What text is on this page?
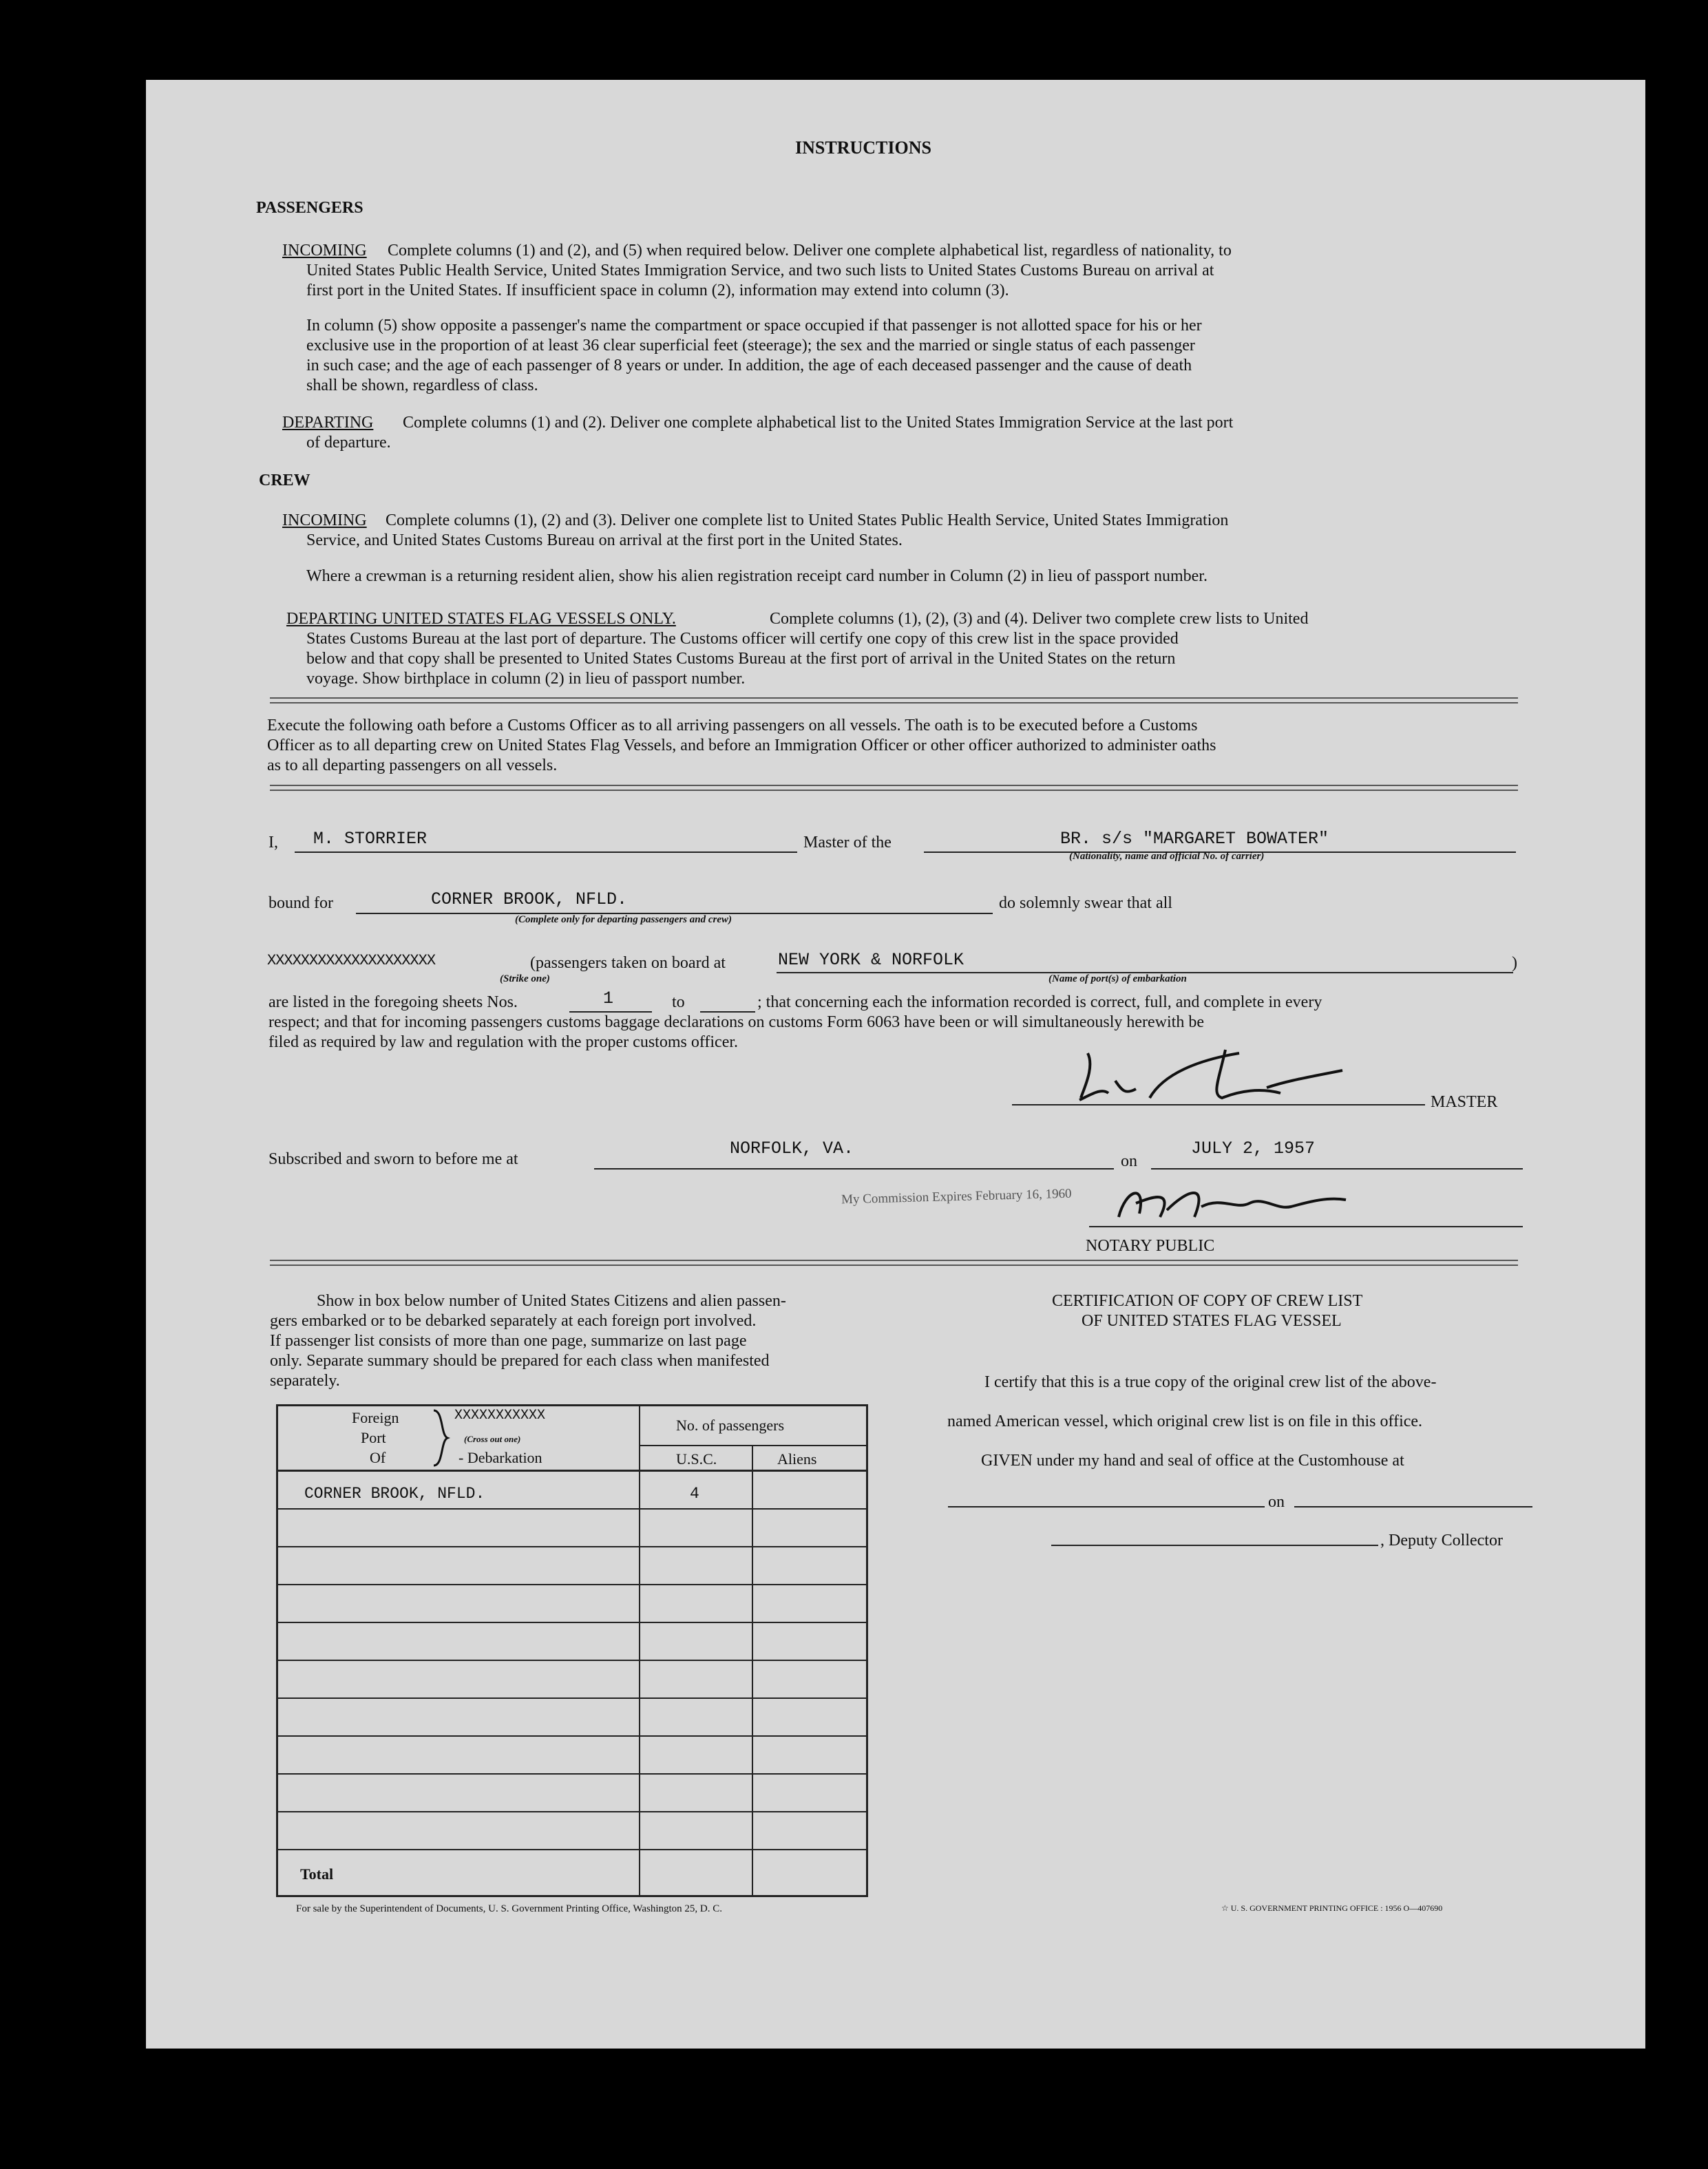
INSTRUCTIONS
PASSENGERS
INCOMING Complete columns (1) and (2), and (5) when required below. Deliver one complete alphabetical list, regardless of nationality, to
United States Public Health Service, United States Immigration Service, and two such lists to United States Customs Bureau on arrival at
first port in the United States. If insufficient space in column (2), information may extend into column (3).
In column (5) show opposite a passenger's name the compartment or space occupied if that passenger is not allotted space for his or her
exclusive use in the proportion of at least 36 clear superficial feet (steerage); the sex and the married or single status of each passenger
in such case; and the age of each passenger of 8 years or under. In addition, the age of each deceased passenger and the cause of death
shall be shown, regardless of class.
DEPARTING Complete columns (1) and (2). Deliver one complete alphabetical list to the United States Immigration Service at the last port
of departure.
CREW
INCOMING Complete columns (1), (2) and (3). Deliver one complete list to United States Public Health Service, United States Immigration
Service, and United States Customs Bureau on arrival at the first port in the United States.
Where a crewman is a returning resident alien, show his alien registration receipt card number in Column (2) in lieu of passport number.
DEPARTING UNITED STATES FLAG VESSELS ONLY.	Complete columns (1), (2), (3) and (4). Deliver two complete crew lists to United
States Customs Bureau at the last port of departure. The Customs officer will certify one copy of this crew list in the space provided
below and that copy shall be presented to United States Customs Bureau at the first port of arrival in the United States on the return
voyage. Show birthplace in column (2) in lieu of passport number.
Execute the following oath before a Customs Officer as to all arriving passengers on all vessels. The oath is to be executed before a Customs
Officer as to all departing crew on United States Flag Vessels, and before an Immigration Officer or other officer authorized to administer oaths
as to all departing passengers on all vessels.
I, M. STORRIER	Master of the	BR. s/s "MARGARET BOWATER"
(Nationality, name and official No. of carrier)
bound for	CORNER BROOK, NFLD.
(Complete only for departing passengers and crew)
do solemnly swear that all
XXXXXXXXXXXXXXXXXXXX
(Strike one)
(passengers taken on board at	NEW YORK & NORFOLK
(Name of port(s) of embarkation
)
are listed in the foregoing sheets Nos.	1	to	; that concerning each the information recorded is correct, full, and complete in every
respect; and that for incoming passengers customs baggage declarations on customs Form 6063 have been or will simultaneously herewith be
filed as required by law and regulation with the proper customs officer.
MASTER
Subscribed and sworn to before me at
NORFOLK, VA.
on
JULY 2, 1957
My Commission Expires February 16, 1960
NOTARY PUBLIC
Show in box below number of United States Citizens and alien passen-
gers embarked or to be debarked separately at each foreign port involved.
If passenger list consists of more than one page, summarize on last page
only. Separate summary should be prepared for each class when manifested
separately.
Foreign
Port
Of
XXXXXXXXXXX
(Cross out one)
- Debarkation
No. of passengers
U.S.C.	Aliens
CORNER BROOK, NFLD.	4
Total
CERTIFICATION OF COPY OF CREW LIST
OF UNITED STATES FLAG VESSEL
I certify that this is a true copy of the original crew list of the above-
named American vessel, which original crew list is on file in this office.
GIVEN under my hand and seal of office at the Customhouse at
on
, Deputy Collector
For sale by the Superintendent of Documents, U. S. Government Printing Office, Washington 25, D. C.	☆ U. S. GOVERNMENT PRINTING OFFICE : 1956 O—407690
